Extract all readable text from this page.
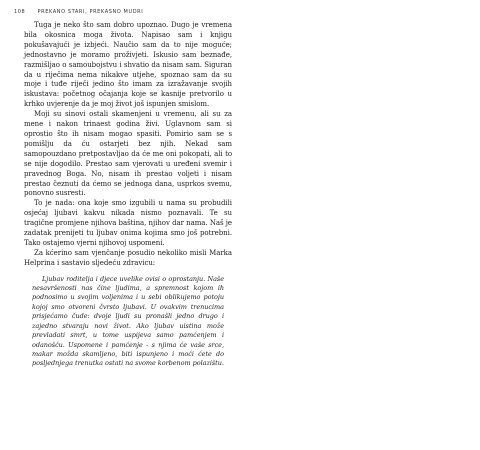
108 PREKANO STARI, PREKASNO MUDRI

Tuga je neko što sam dobro upoznao. Dugo je vremena bila okosnica moga života. Napisao sam i knjigu pokušavajući je izbjeći. Naučio sam da to nije moguće; jednostavno je moramo proživjeti. Iskusio sam beznađe, razmišljao o samoubojstvu i shvatio da nisam sam. Siguran da u riječima nema nikakve utjehe, spoznao sam da su moje i tuđe riječi jedino što imam za izražavanje svojih iskustava: početnog očajanja koje se kasnije pretvorilo u krhko uvjerenje da je moj život još ispunjen smislom.

Moji su sinovi ostali skamenjeni u vremenu, ali su za mene i nakon trinaest godina živi. Uglavnom sam si oprostio što ih nisam mogao spasiti. Pomirio sam se s pomišlju da ću ostarjeti bez njih. Nekad sam samopouzdano pretpostavljao da će me oni pokopati, ali to se nije dogodilo. Prestao sam vjerovati u uređeni svemir i pravednog Boga. No, nisam ih prestao voljeti i nisam prestao čeznuti da ćemo se jednoga dana, usprkos svemu, ponovno susresti.

To je nada: ona koje smo izgubili u nama su probudili osjećaj ljubavi kakvu nikada nismo poznavali. Te su tragične promjene njihova baština, njihov dar nama. Naš je zadatak prenijeti tu ljubav onima kojima smo još potrebni. Tako ostajemo vjerni njihovoj uspomeni.

Za kćerino sam vjenčanje posudio nekoliko misli Marka Helprina i sastavio sljedeću zdravicu:

Ljubav roditelja i djece uvelike ovisi o oprostanju. Naše nesavršenosti nas čine ljudima, a spremnost kojom ih podnosimo u svojim voljenima i u sebi oblikujemo potoju kojoj smo otvoreni čvrsto ljubavi. U ovakvim trenucima prisjećamo čude: dvoje ljudi su pronašli jedno drugo i zajedno stvaraju novi život. Ako ljubav uistina može prevladati smrt, u tome uspijeva samo pamćenjem i odanošću. Uspomene i pamćenje - s njima će vaše srce, makar možda skamljeno, biti ispunjeno i moći ćete do posljednjega trenutka ostati na svome korbenom polazištu.
